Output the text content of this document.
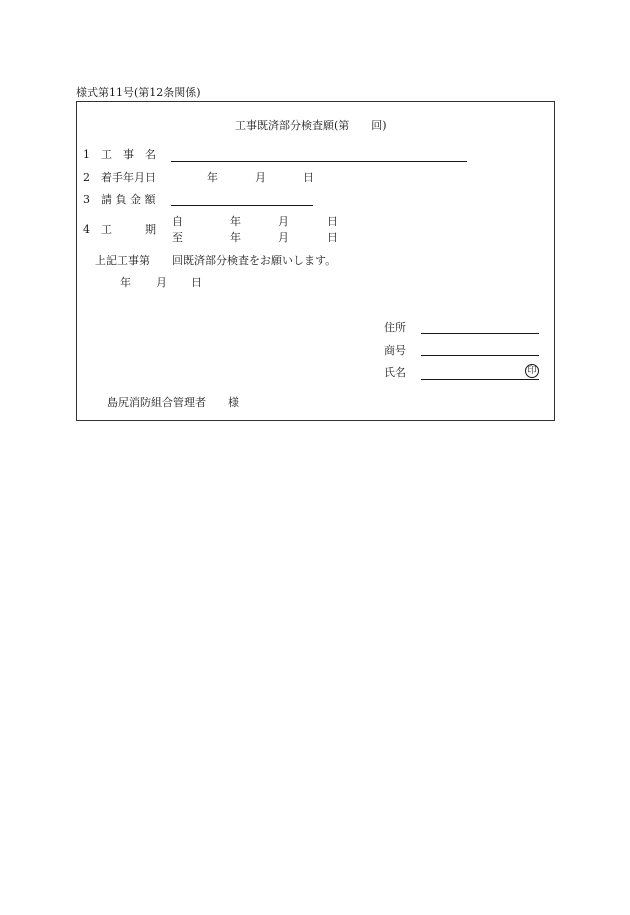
様式第11号(第12条関係)
工事既済部分検査願(第　　回)
1 工　事　名
2 着手年月日	年	月	日
3 請 負 金 額
4 工　　　期
自	年	月	日
至	年	月	日
上記工事第　　回既済部分検査をお願いします。
年 月 日
住所
商号
氏名	印
島尻消防組合管理者　　様
